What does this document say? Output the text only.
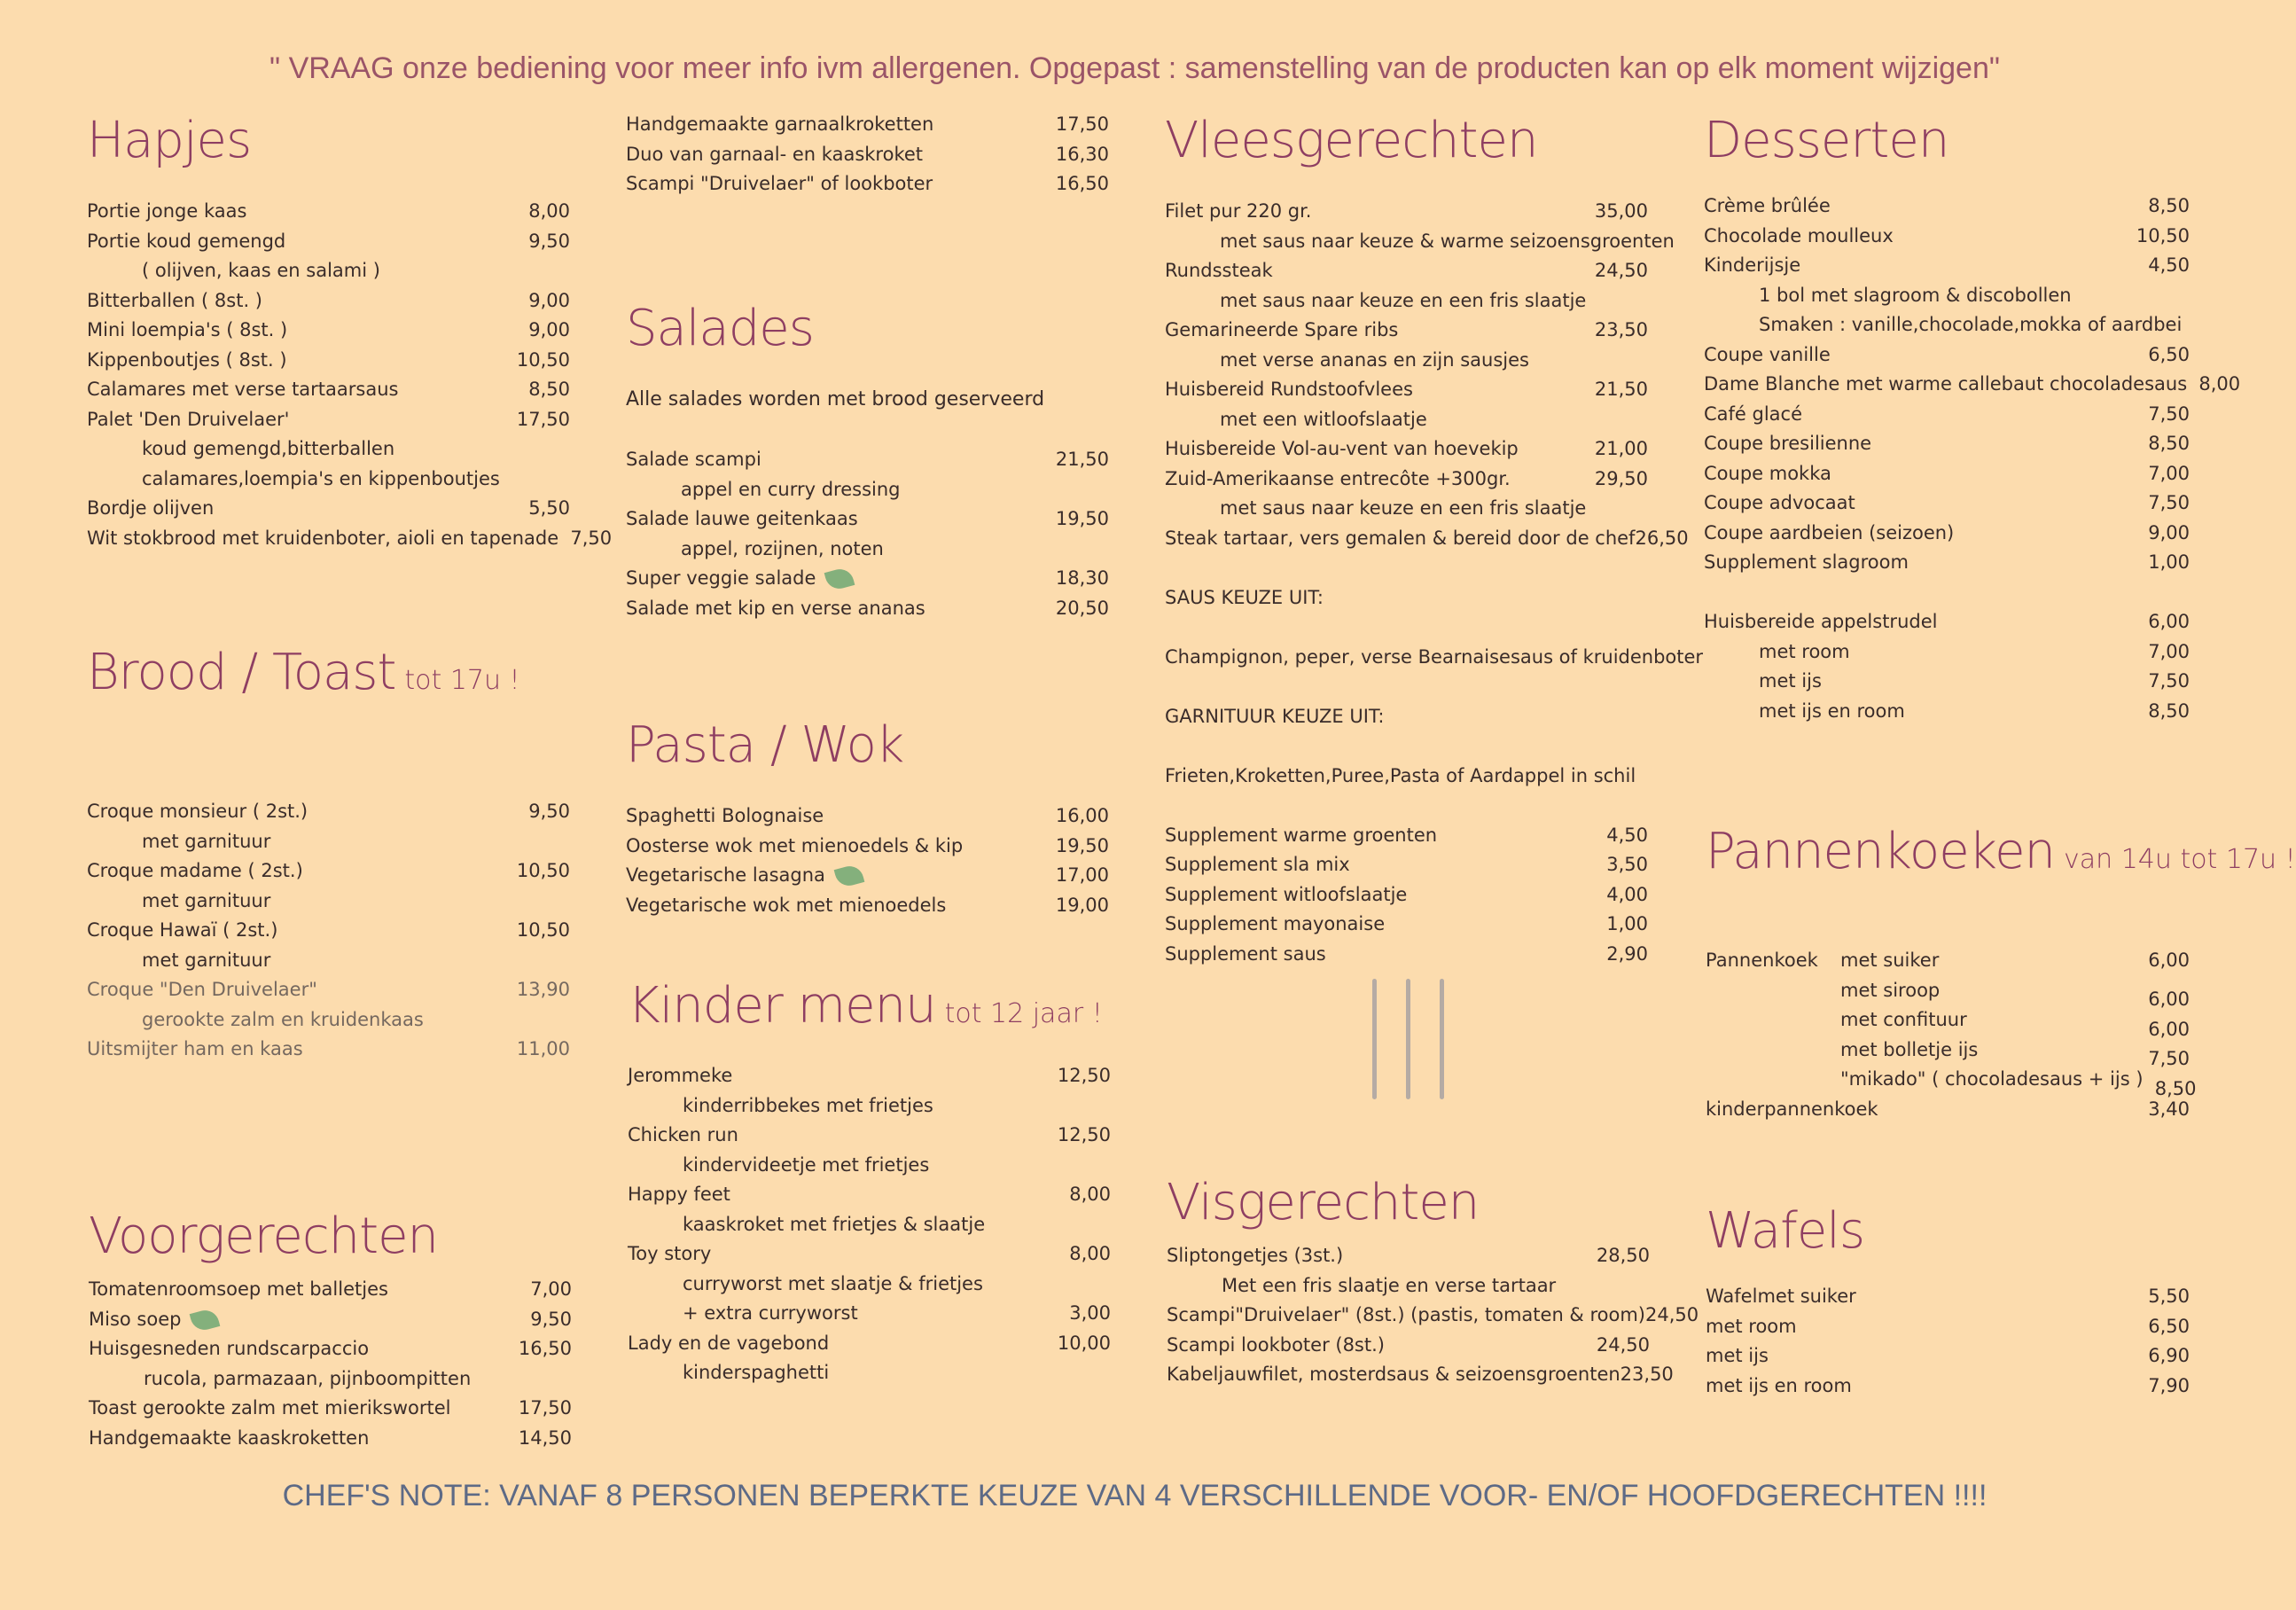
" VRAAG onze bediening voor meer info ivm allergenen. Opgepast : samenstelling van de producten kan op elk moment wijzigen"
Hapjes
Portie jonge kaas	8,00
Portie koud gemengd	9,50
( olijven, kaas en salami )
Bitterballen ( 8st. )	9,00
Mini loempia's ( 8st. )	9,00
Kippenboutjes ( 8st. )	10,50
Calamares met verse tartaarsaus	8,50
Palet 'Den Druivelaer'	17,50
koud gemengd,bitterballen
calamares,loempia's en kippenboutjes
Bordje olijven	5,50
Wit stokbrood met kruidenboter, aioli en tapenade 7,50
Brood / Toast tot 17u !
Croque monsieur ( 2st.)	9,50
met garnituur
Croque madame ( 2st.)	10,50
met garnituur
Croque Hawaï ( 2st.)	10,50
met garnituur
Croque "Den Druivelaer"	13,90
gerookte zalm en kruidenkaas
Uitsmijter ham en kaas	11,00
Voorgerechten
Tomatenroomsoep met balletjes	7,00
Miso soep	9,50
Huisgesneden rundscarpaccio	16,50
rucola, parmazaan, pijnboompitten
Toast gerookte zalm met mierikswortel	17,50
Handgemaakte kaaskroketten	14,50
Handgemaakte garnaalkroketten	17,50
Duo van garnaal- en kaaskroket	16,30
Scampi "Druivelaer" of lookboter	16,50
Salades
Alle salades worden met brood geserveerd
Salade scampi	21,50
appel en curry dressing
Salade lauwe geitenkaas	19,50
appel, rozijnen, noten
Super veggie salade	18,30
Salade met kip en verse ananas	20,50
Pasta / Wok
Spaghetti Bolognaise	16,00
Oosterse wok met mienoedels & kip	19,50
Vegetarische lasagna	17,00
Vegetarische wok met mienoedels	19,00
Kinder menu tot 12 jaar !
Jerommeke	12,50
kinderribbekes met frietjes
Chicken run	12,50
kindervideetje met frietjes
Happy feet	8,00
kaaskroket met frietjes & slaatje
Toy story	8,00
curryworst met slaatje & frietjes
+ extra curryworst	3,00
Lady en de vagebond	10,00
kinderspaghetti
Vleesgerechten
Filet pur 220 gr.	35,00
met saus naar keuze & warme seizoensgroenten
Rundssteak	24,50
met saus naar keuze en een fris slaatje
Gemarineerde Spare ribs	23,50
met verse ananas en zijn sausjes
Huisbereid Rundstoofvlees	21,50
met een witloofslaatje
Huisbereide Vol-au-vent van hoevekip	21,00
Zuid-Amerikaanse entrecôte +300gr.	29,50
met saus naar keuze en een fris slaatje
Steak tartaar, vers gemalen & bereid door de chef 26,50
SAUS KEUZE UIT:
Champignon, peper, verse Bearnaisesaus of kruidenboter
GARNITUUR KEUZE UIT:
Frieten,Kroketten,Puree,Pasta of Aardappel in schil
Supplement warme groenten	4,50
Supplement sla mix	3,50
Supplement witloofslaatje	4,00
Supplement mayonaise	1,00
Supplement saus	2,90
Visgerechten
Sliptongetjes (3st.)	28,50
Met een fris slaatje en verse tartaar
Scampi"Druivelaer" (8st.) (pastis, tomaten & room) 24,50
Scampi lookboter (8st.)	24,50
Kabeljauwfilet, mosterdsaus & seizoensgroenten 23,50
Desserten
Crème brûlée	8,50
Chocolade moulleux	10,50
Kinderijsje	4,50
1 bol met slagroom & discobollen
Smaken : vanille,chocolade,mokka of aardbei
Coupe vanille	6,50
Dame Blanche met warme callebaut chocoladesaus 8,00
Café glacé	7,50
Coupe bresilienne	8,50
Coupe mokka	7,00
Coupe advocaat	7,50
Coupe aardbeien (seizoen)	9,00
Supplement slagroom	1,00
Huisbereide appelstrudel	6,00
met room	7,00
met ijs	7,50
met ijs en room	8,50
Pannenkoeken van 14u tot 17u !
Pannenkoek	met suiker	6,00
met siroop	6,00
met confituur	6,00
met bolletje ijs	7,50
"mikado" ( chocoladesaus + ijs ) 8,50
kinderpannenkoek	3,40
Wafels
Wafelmet suiker	5,50
met room	6,50
met ijs	6,90
met ijs en room	7,90
CHEF'S NOTE: VANAF 8 PERSONEN BEPERKTE KEUZE VAN 4 VERSCHILLENDE VOOR- EN/OF HOOFDGERECHTEN !!!!
